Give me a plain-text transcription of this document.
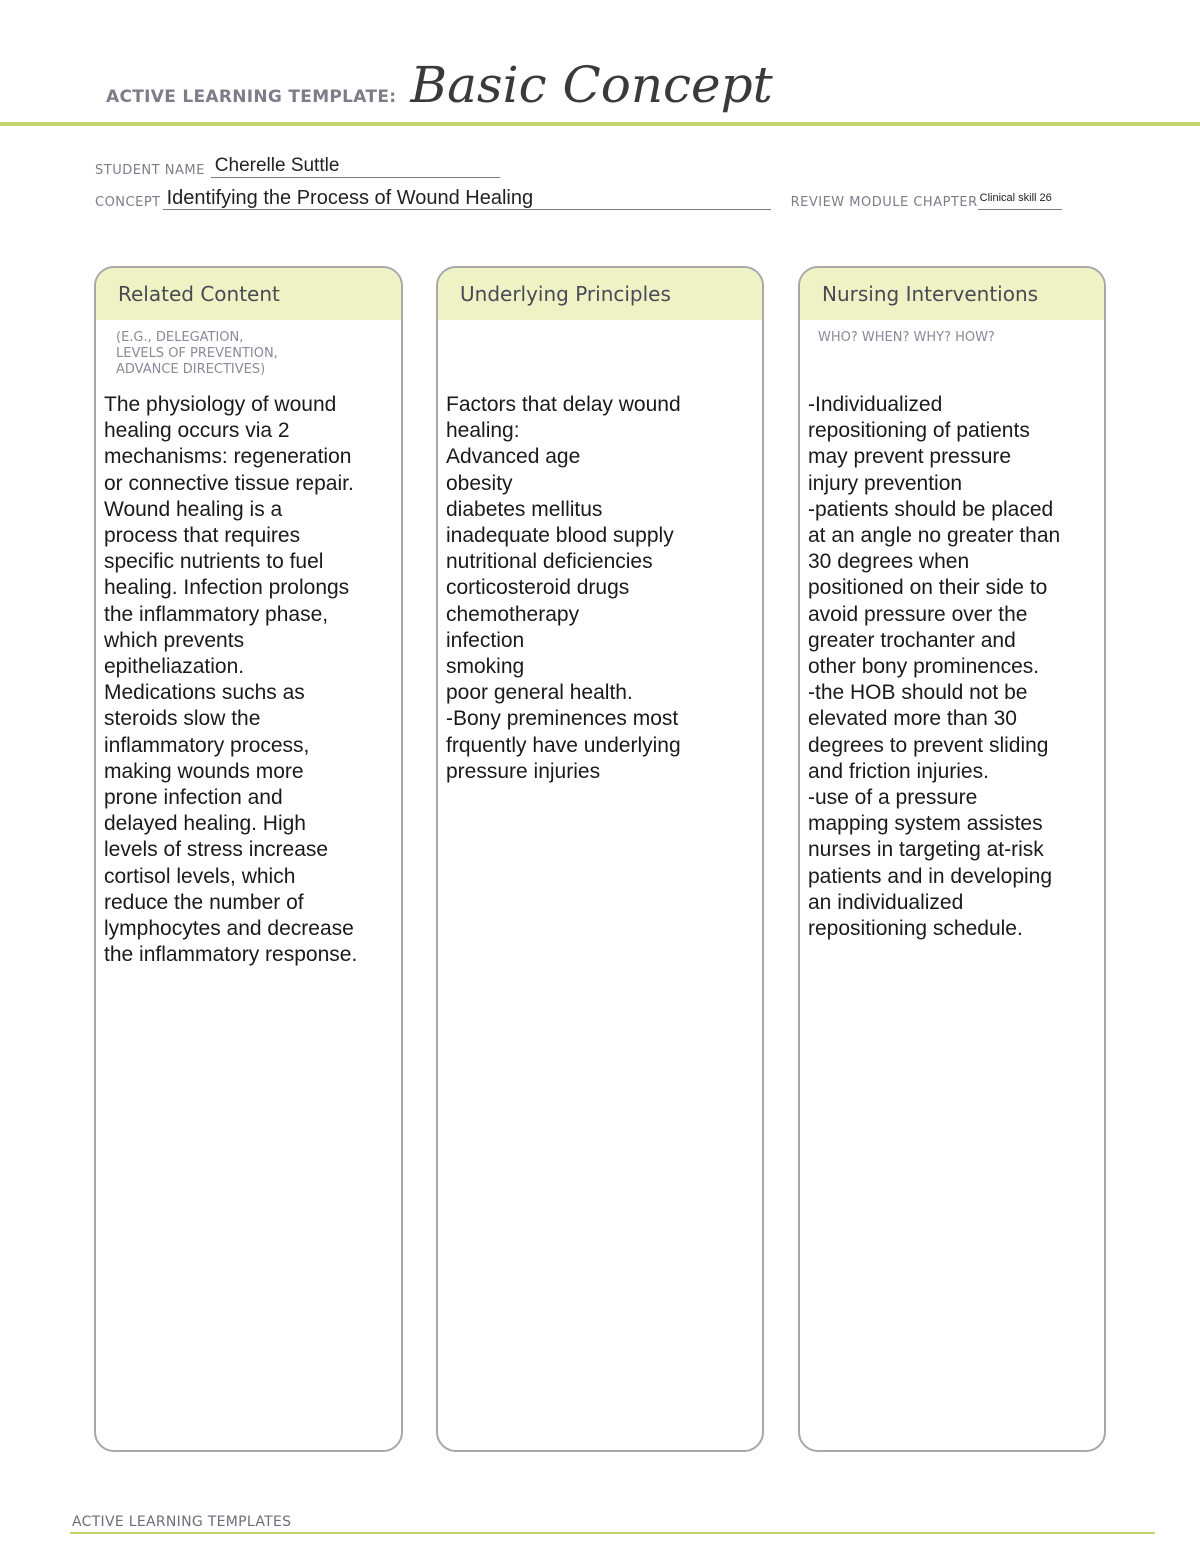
ACTIVE LEARNING TEMPLATE: Basic Concept
STUDENT NAME Cherelle Suttle
CONCEPT Identifying the Process of Wound Healing	REVIEW MODULE CHAPTER Clinical skill 26
Related Content
(E.G., DELEGATION,
LEVELS OF PREVENTION,
ADVANCE DIRECTIVES)
The physiology of wound
healing occurs via 2
mechanisms: regeneration
or connective tissue repair.
Wound healing is a
process that requires
specific nutrients to fuel
healing. Infection prolongs
the inflammatory phase,
which prevents
epitheliazation.
Medications suchs as
steroids slow the
inflammatory process,
making wounds more
prone infection and
delayed healing. High
levels of stress increase
cortisol levels, which
reduce the number of
lymphocytes and decrease
the inflammatory response.
Underlying Principles
Factors that delay wound
healing:
Advanced age
obesity
diabetes mellitus
inadequate blood supply
nutritional deficiencies
corticosteroid drugs
chemotherapy
infection
smoking
poor general health.
-Bony preminences most
frquently have underlying
pressure injuries
Nursing Interventions
WHO? WHEN? WHY? HOW?
-Individualized
repositioning of patients
may prevent pressure
injury prevention
-patients should be placed
at an angle no greater than
30 degrees when
positioned on their side to
avoid pressure over the
greater trochanter and
other bony prominences.
-the HOB should not be
elevated more than 30
degrees to prevent sliding
and friction injuries.
-use of a pressure
mapping system assistes
nurses in targeting at-risk
patients and in developing
an individualized
repositioning schedule.
ACTIVE LEARNING TEMPLATES
